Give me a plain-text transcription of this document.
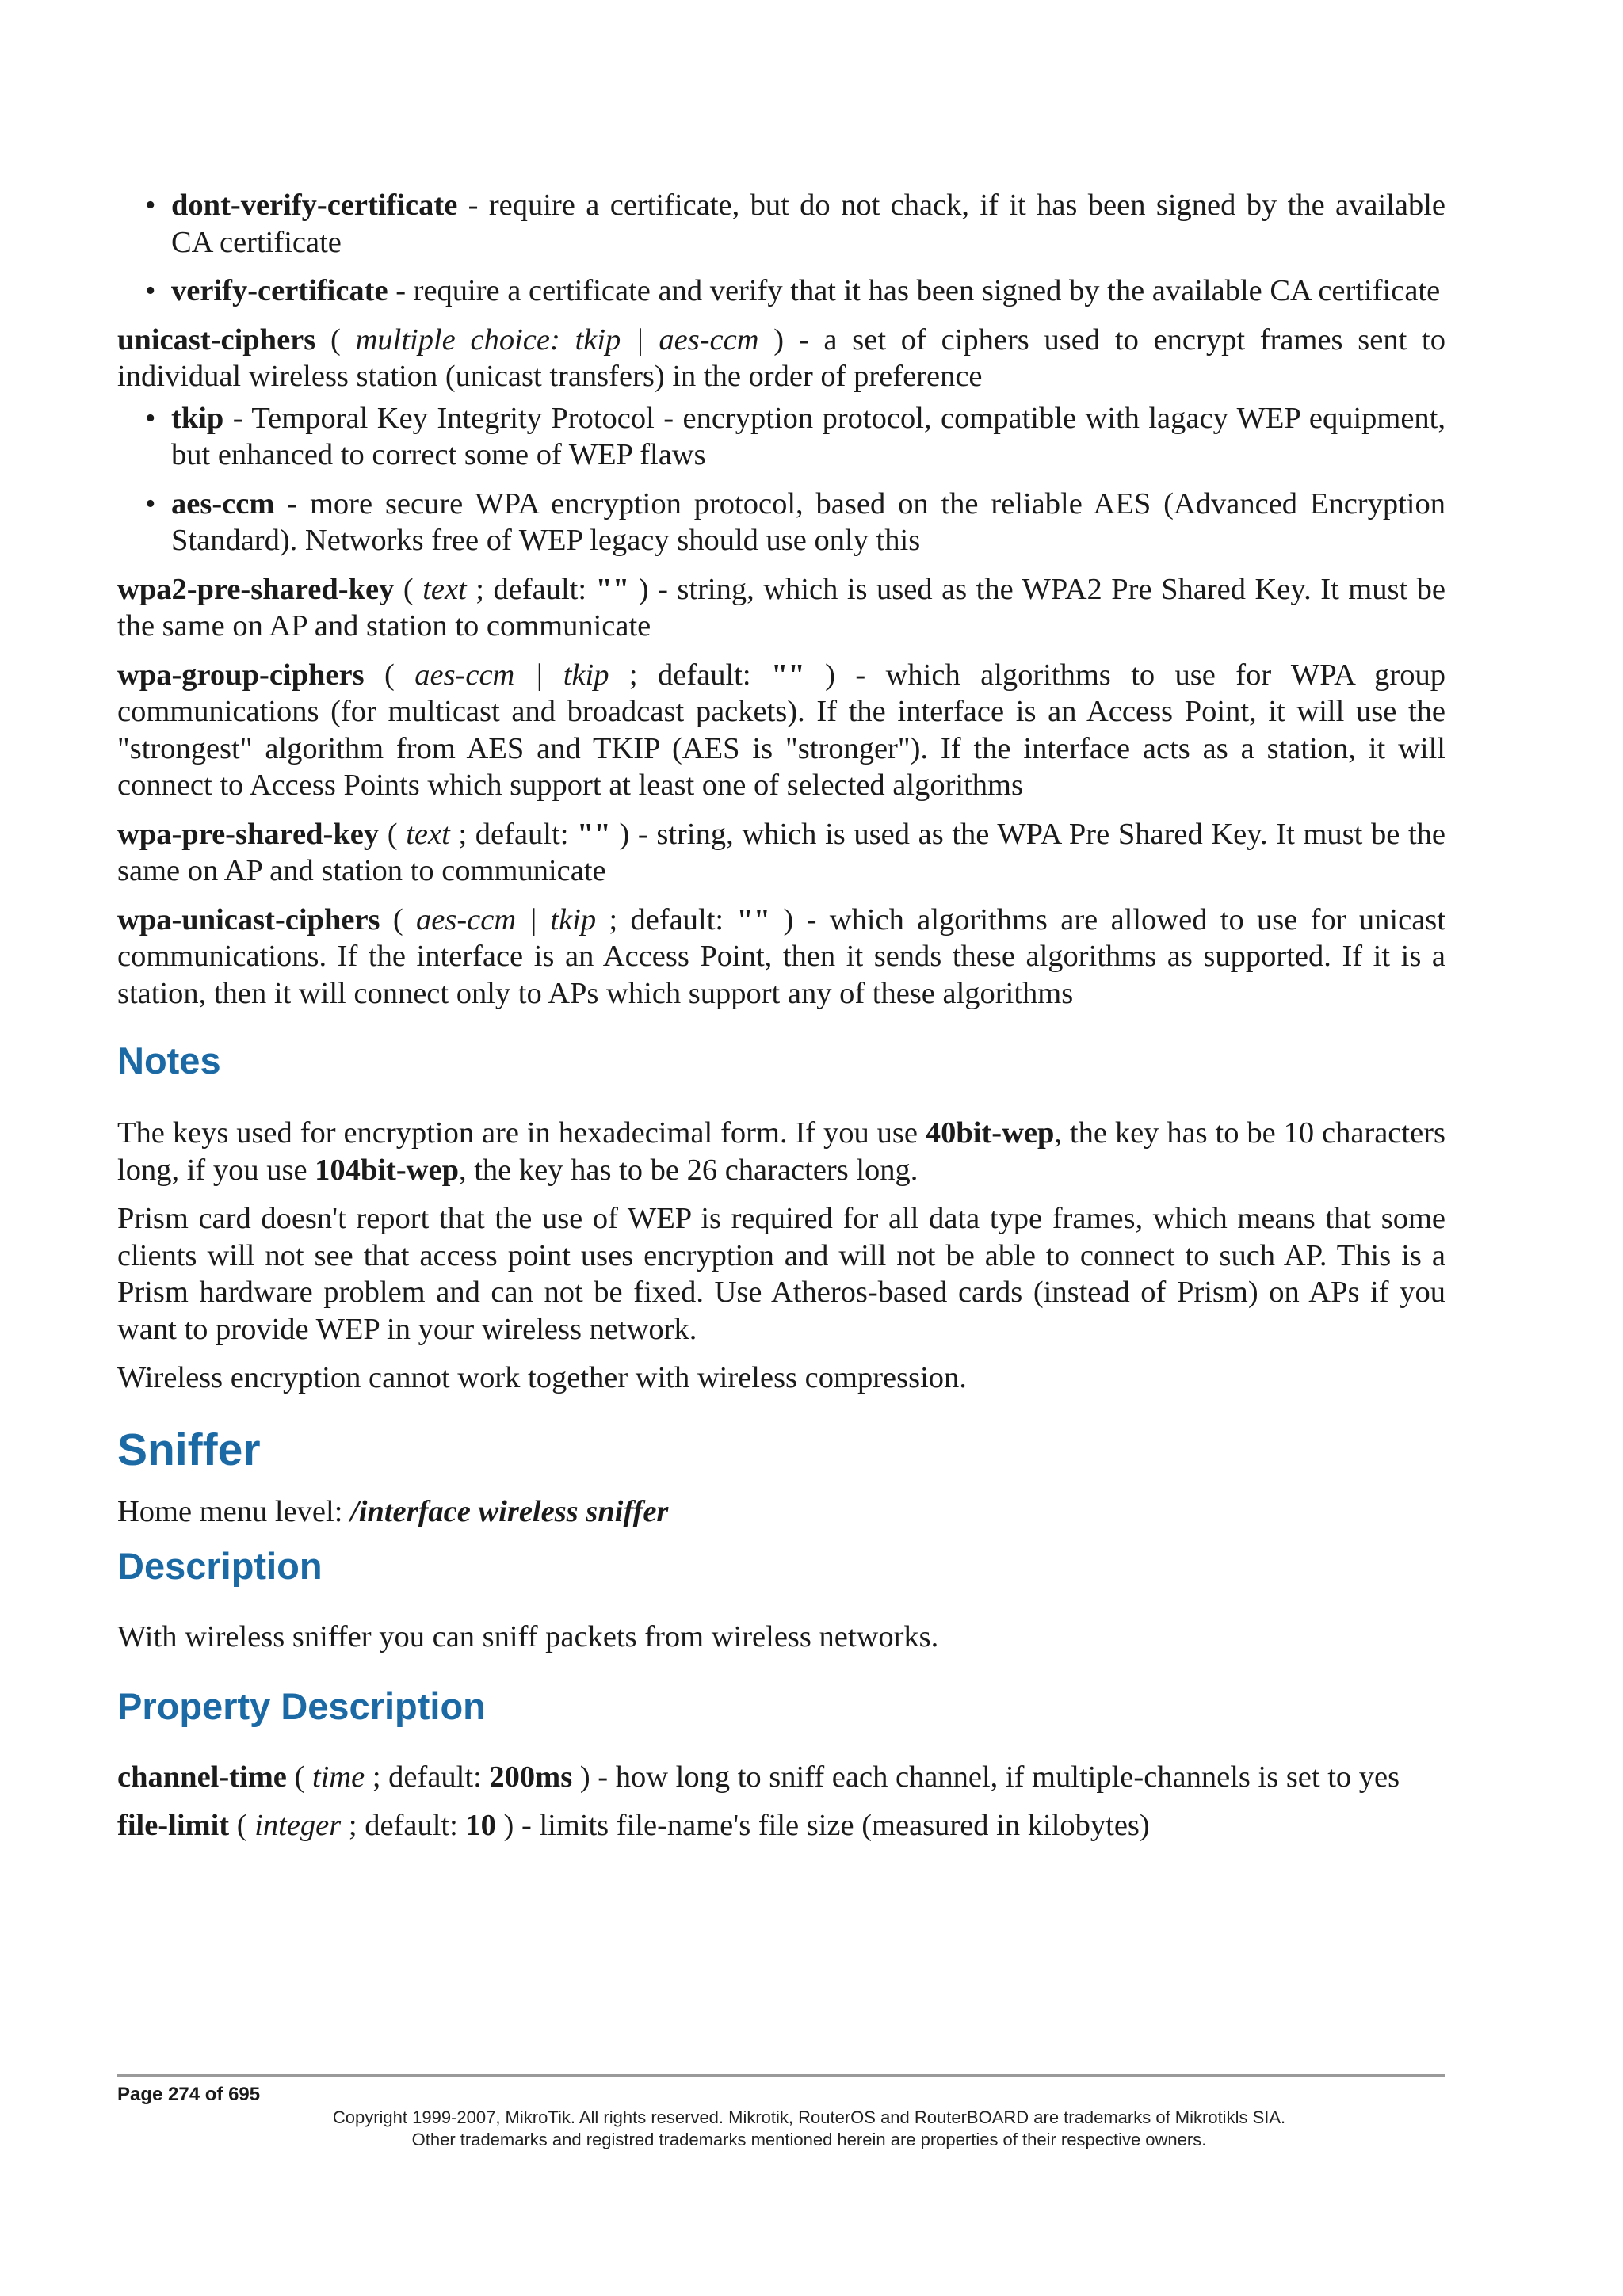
• dont-verify-certificate - require a certificate, but do not chack, if it has been signed by the available CA certificate
• verify-certificate - require a certificate and verify that it has been signed by the available CA certificate
unicast-ciphers ( multiple choice: tkip | aes-ccm ) - a set of ciphers used to encrypt frames sent to individual wireless station (unicast transfers) in the order of preference
• tkip - Temporal Key Integrity Protocol - encryption protocol, compatible with lagacy WEP equipment, but enhanced to correct some of WEP flaws
• aes-ccm - more secure WPA encryption protocol, based on the reliable AES (Advanced Encryption Standard). Networks free of WEP legacy should use only this
wpa2-pre-shared-key ( text ; default: "" ) - string, which is used as the WPA2 Pre Shared Key. It must be the same on AP and station to communicate
wpa-group-ciphers ( aes-ccm | tkip ; default: "" ) - which algorithms to use for WPA group communications (for multicast and broadcast packets). If the interface is an Access Point, it will use the "strongest" algorithm from AES and TKIP (AES is "stronger"). If the interface acts as a station, it will connect to Access Points which support at least one of selected algorithms
wpa-pre-shared-key ( text ; default: "" ) - string, which is used as the WPA Pre Shared Key. It must be the same on AP and station to communicate
wpa-unicast-ciphers ( aes-ccm | tkip ; default: "" ) - which algorithms are allowed to use for unicast communications. If the interface is an Access Point, then it sends these algorithms as supported. If it is a station, then it will connect only to APs which support any of these algorithms
Notes
The keys used for encryption are in hexadecimal form. If you use 40bit-wep, the key has to be 10 characters long, if you use 104bit-wep, the key has to be 26 characters long.
Prism card doesn't report that the use of WEP is required for all data type frames, which means that some clients will not see that access point uses encryption and will not be able to connect to such AP. This is a Prism hardware problem and can not be fixed. Use Atheros-based cards (instead of Prism) on APs if you want to provide WEP in your wireless network.
Wireless encryption cannot work together with wireless compression.
Sniffer
Home menu level: /interface wireless sniffer
Description
With wireless sniffer you can sniff packets from wireless networks.
Property Description
channel-time ( time ; default: 200ms ) - how long to sniff each channel, if multiple-channels is set to yes
file-limit ( integer ; default: 10 ) - limits file-name's file size (measured in kilobytes)
Page 274 of 695
Copyright 1999-2007, MikroTik. All rights reserved. Mikrotik, RouterOS and RouterBOARD are trademarks of Mikrotikls SIA.
Other trademarks and registred trademarks mentioned herein are properties of their respective owners.
